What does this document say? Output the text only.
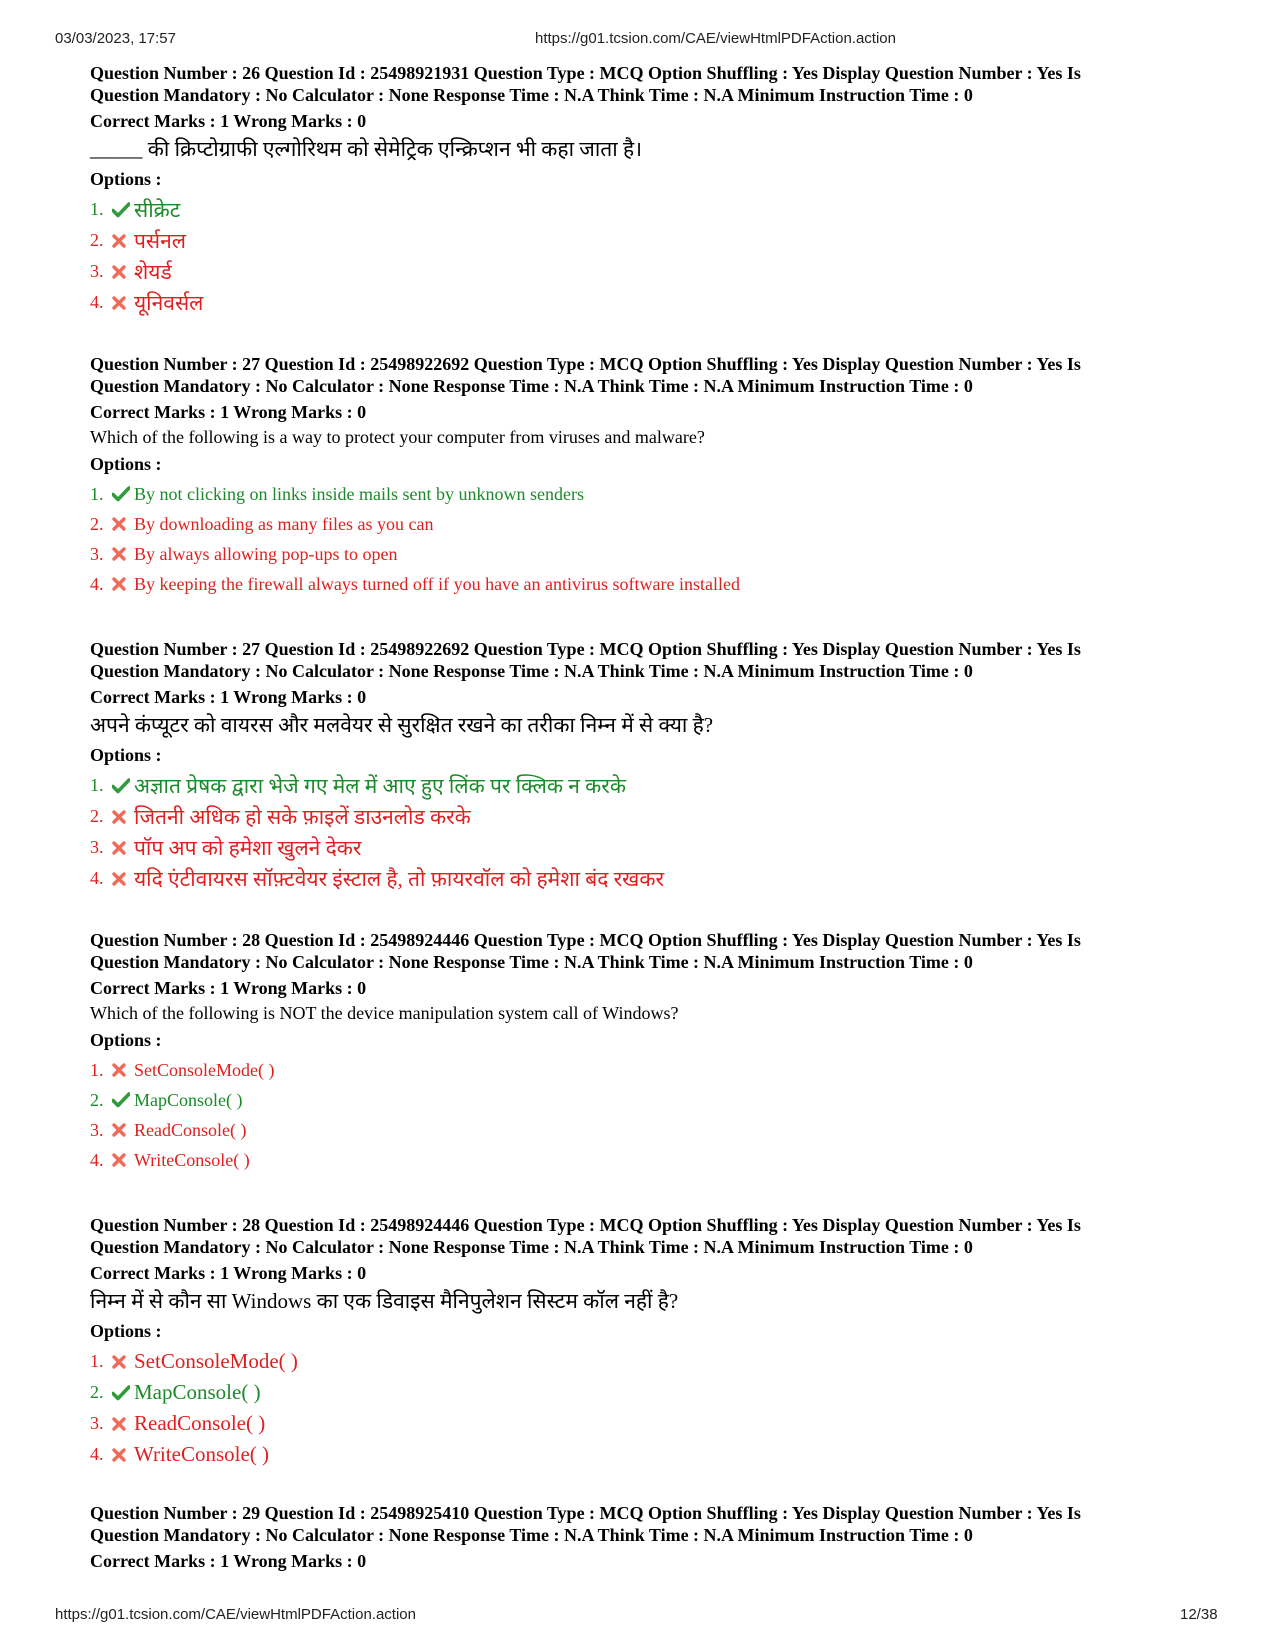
03/03/2023, 17:57	https://g01.tcsion.com/CAE/viewHtmlPDFAction.action
Question Number : 26 Question Id : 25498921931 Question Type : MCQ Option Shuffling : Yes Display Question Number : Yes Is
Question Mandatory : No Calculator : None Response Time : N.A Think Time : N.A Minimum Instruction Time : 0
Correct Marks : 1 Wrong Marks : 0
_____ की क्रिप्टोग्राफी एल्गोरिथम को सेमेट्रिक एन्क्रिप्शन भी कहा जाता है।
Options :
1.	सीक्रेट
2.	पर्सनल
3.	शेयर्ड
4.	यूनिवर्सल
Question Number : 27 Question Id : 25498922692 Question Type : MCQ Option Shuffling : Yes Display Question Number : Yes Is
Question Mandatory : No Calculator : None Response Time : N.A Think Time : N.A Minimum Instruction Time : 0
Correct Marks : 1 Wrong Marks : 0
Which of the following is a way to protect your computer from viruses and malware?
Options :
1.	By not clicking on links inside mails sent by unknown senders
2.	By downloading as many files as you can
3.	By always allowing pop-ups to open
4.	By keeping the firewall always turned off if you have an antivirus software installed
Question Number : 27 Question Id : 25498922692 Question Type : MCQ Option Shuffling : Yes Display Question Number : Yes Is
Question Mandatory : No Calculator : None Response Time : N.A Think Time : N.A Minimum Instruction Time : 0
Correct Marks : 1 Wrong Marks : 0
अपने कंप्यूटर को वायरस और मलवेयर से सुरक्षित रखने का तरीका निम्न में से क्या है?
Options :
1.	अज्ञात प्रेषक द्वारा भेजे गए मेल में आए हुए लिंक पर क्लिक न करके
2.	जितनी अधिक हो सके फ़ाइलें डाउनलोड करके
3.	पॉप अप को हमेशा खुलने देकर
4.	यदि एंटीवायरस सॉफ़्टवेयर इंस्टाल है, तो फ़ायरवॉल को हमेशा बंद रखकर
Question Number : 28 Question Id : 25498924446 Question Type : MCQ Option Shuffling : Yes Display Question Number : Yes Is
Question Mandatory : No Calculator : None Response Time : N.A Think Time : N.A Minimum Instruction Time : 0
Correct Marks : 1 Wrong Marks : 0
Which of the following is NOT the device manipulation system call of Windows?
Options :
1.	SetConsoleMode( )
2.	MapConsole( )
3.	ReadConsole( )
4.	WriteConsole( )
Question Number : 28 Question Id : 25498924446 Question Type : MCQ Option Shuffling : Yes Display Question Number : Yes Is
Question Mandatory : No Calculator : None Response Time : N.A Think Time : N.A Minimum Instruction Time : 0
Correct Marks : 1 Wrong Marks : 0
निम्न में से कौन सा Windows का एक डिवाइस मैनिपुलेशन सिस्टम कॉल नहीं है?
Options :
1.	SetConsoleMode( )
2.	MapConsole( )
3.	ReadConsole( )
4.	WriteConsole( )
Question Number : 29 Question Id : 25498925410 Question Type : MCQ Option Shuffling : Yes Display Question Number : Yes Is
Question Mandatory : No Calculator : None Response Time : N.A Think Time : N.A Minimum Instruction Time : 0
Correct Marks : 1 Wrong Marks : 0
https://g01.tcsion.com/CAE/viewHtmlPDFAction.action	12/38
